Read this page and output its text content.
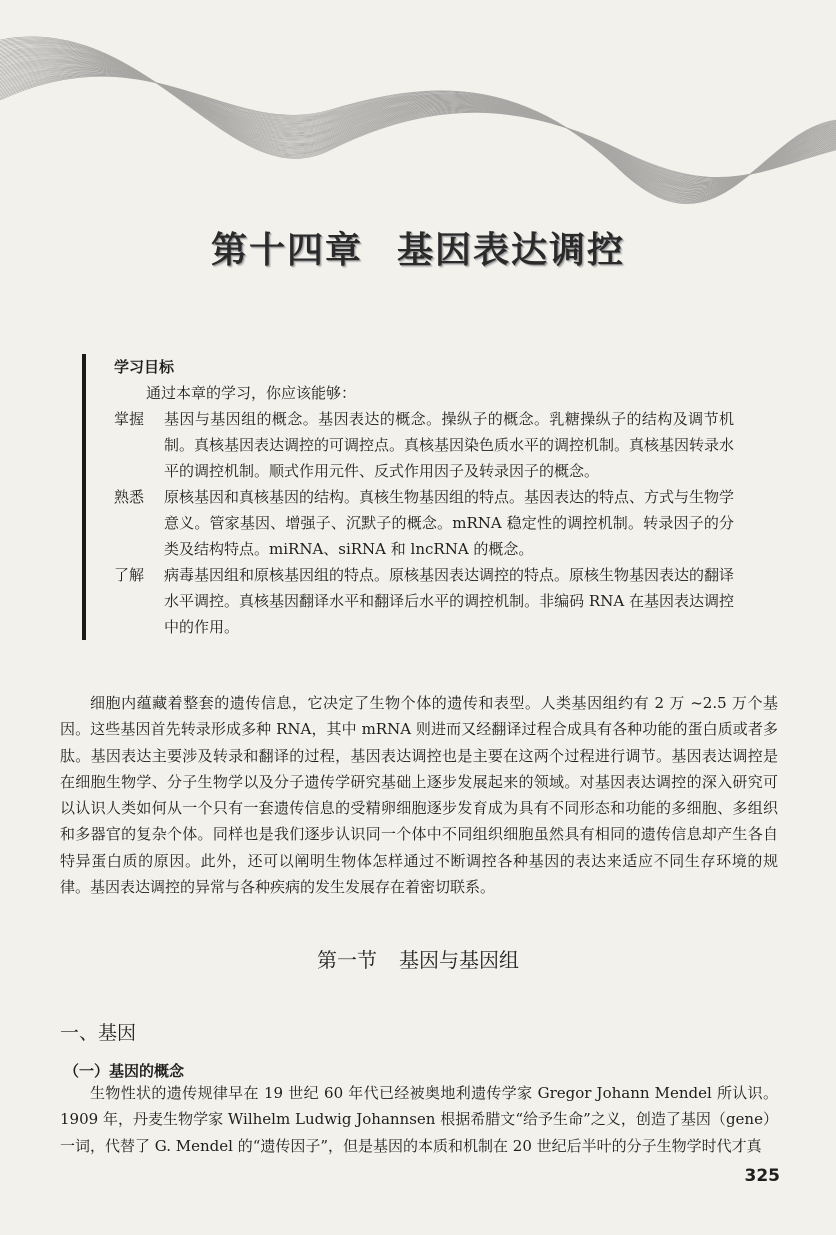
第十四章 基因表达调控
学习目标
通过本章的学习，你应该能够：
掌握	基因与基因组的概念。基因表达的概念。操纵子的概念。乳糖操纵子的结构及调节机制。真核基因表达调控的可调控点。真核基因染色质水平的调控机制。真核基因转录水平的调控机制。顺式作用元件、反式作用因子及转录因子的概念。
熟悉	原核基因和真核基因的结构。真核生物基因组的特点。基因表达的特点、方式与生物学意义。管家基因、增强子、沉默子的概念。mRNA 稳定性的调控机制。转录因子的分类及结构特点。miRNA、siRNA 和 lncRNA 的概念。
了解	病毒基因组和原核基因组的特点。原核基因表达调控的特点。原核生物基因表达的翻译水平调控。真核基因翻译水平和翻译后水平的调控机制。非编码 RNA 在基因表达调控中的作用。

细胞内蕴藏着整套的遗传信息，它决定了生物个体的遗传和表型。人类基因组约有 2 万 ~2.5 万个基因。这些基因首先转录形成多种 RNA，其中 mRNA 则进而又经翻译过程合成具有各种功能的蛋白质或者多肽。基因表达主要涉及转录和翻译的过程，基因表达调控也是主要在这两个过程进行调节。基因表达调控是在细胞生物学、分子生物学以及分子遗传学研究基础上逐步发展起来的领域。对基因表达调控的深入研究可以认识人类如何从一个只有一套遗传信息的受精卵细胞逐步发育成为具有不同形态和功能的多细胞、多组织和多器官的复杂个体。同样也是我们逐步认识同一个体中不同组织细胞虽然具有相同的遗传信息却产生各自特异蛋白质的原因。此外，还可以阐明生物体怎样通过不断调控各种基因的表达来适应不同生存环境的规律。基因表达调控的异常与各种疾病的发生发展存在着密切联系。

第一节 基因与基因组
一、基因
（一）基因的概念

生物性状的遗传规律早在 19 世纪 60 年代已经被奥地利遗传学家 Gregor Johann Mendel 所认识。1909 年，丹麦生物学家 Wilhelm Ludwig Johannsen 根据希腊文“给予生命”之义，创造了基因（gene）一词，代替了 G. Mendel 的“遗传因子”，但是基因的本质和机制在 20 世纪后半叶的分子生物学时代才真

325
